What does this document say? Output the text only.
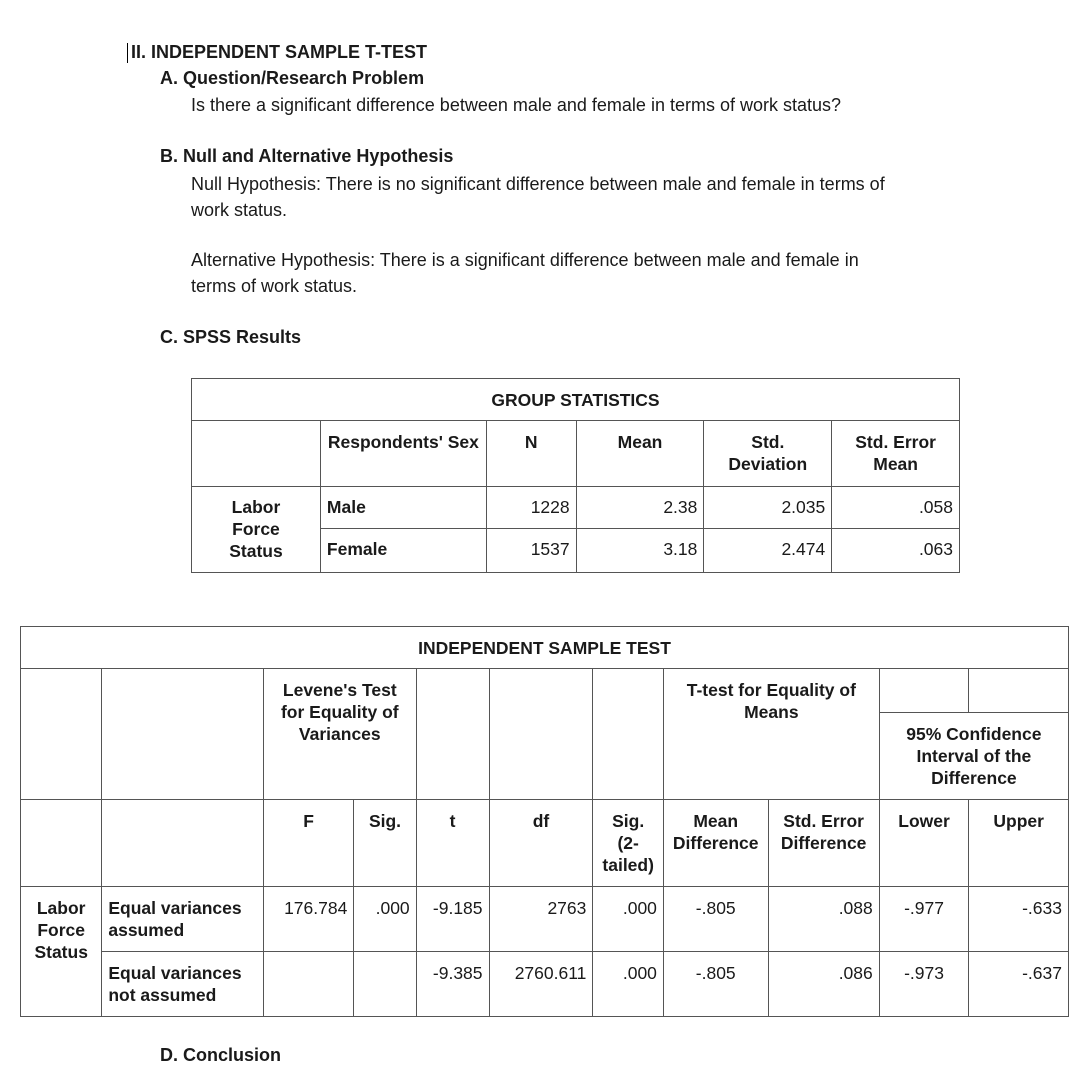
II. INDEPENDENT SAMPLE T-TEST
A. Question/Research Problem
Is there a significant difference between male and female in terms of work status?
B. Null and Alternative Hypothesis
Null Hypothesis: There is no significant difference between male and female in terms of
work status.
Alternative Hypothesis: There is a significant difference between male and female in
terms of work status.
C. SPSS Results
GROUP STATISTICS					
	Respondents' Sex	N	Mean	Std. Deviation	Std. Error Mean
Labor Force Status	Male	1228	2.38	2.035	.058
	Female	1537	3.18	2.474	.063
INDEPENDENT SAMPLE TEST										
		Levene's Test for Equality of Variances					T-test for Equality of Means			
									95% Confidence Interval of the Difference	
		F	Sig.	t	df	Sig. (2-tailed)	Mean Difference	Std. Error Difference	Lower	Upper
Labor Force Status	Equal variances assumed	176.784	.000	-9.185	2763	.000	-.805	.088	-.977	-.633
	Equal variances not assumed			-9.385	2760.611	.000	-.805	.086	-.973	-.637
D. Conclusion
